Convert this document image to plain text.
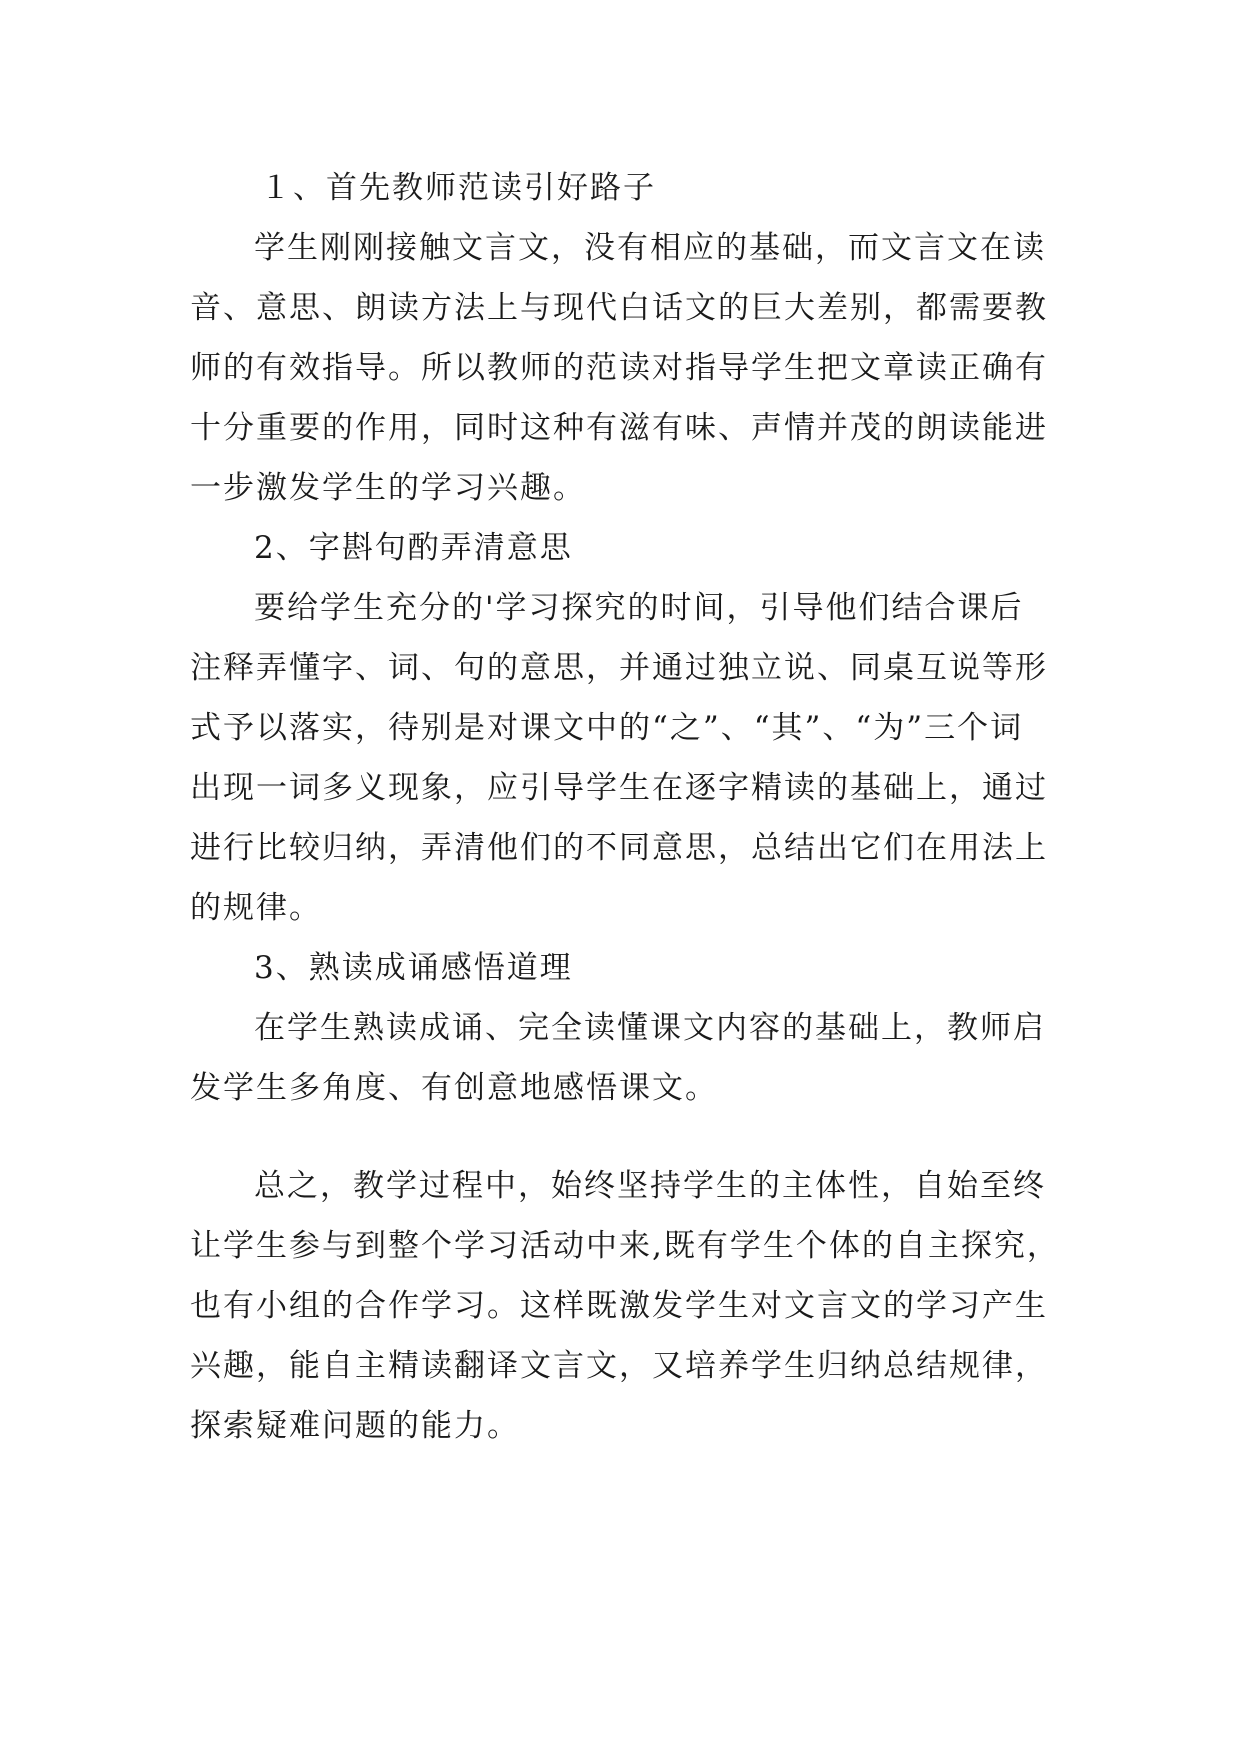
１、首先教师范读引好路子
学生刚刚接触文言文，没有相应的基础，而文言文在读
音、意思、朗读方法上与现代白话文的巨大差别，都需要教
师的有效指导。所以教师的范读对指导学生把文章读正确有
十分重要的作用，同时这种有滋有味、声情并茂的朗读能进
一步激发学生的学习兴趣。
2、字斟句酌弄清意思
要给学生充分的'学习探究的时间，引导他们结合课后
注释弄懂字、词、句的意思，并通过独立说、同桌互说等形
式予以落实，待别是对课文中的“之”、“其”、“为”三个词
出现一词多义现象，应引导学生在逐字精读的基础上，通过
进行比较归纳，弄清他们的不同意思，总结出它们在用法上
的规律。
3、熟读成诵感悟道理
在学生熟读成诵、完全读懂课文内容的基础上，教师启
发学生多角度、有创意地感悟课文。
总之，教学过程中，始终坚持学生的主体性，自始至终
让学生参与到整个学习活动中来,既有学生个体的自主探究，
也有小组的合作学习。这样既激发学生对文言文的学习产生
兴趣，能自主精读翻译文言文，又培养学生归纳总结规律，
探索疑难问题的能力。
